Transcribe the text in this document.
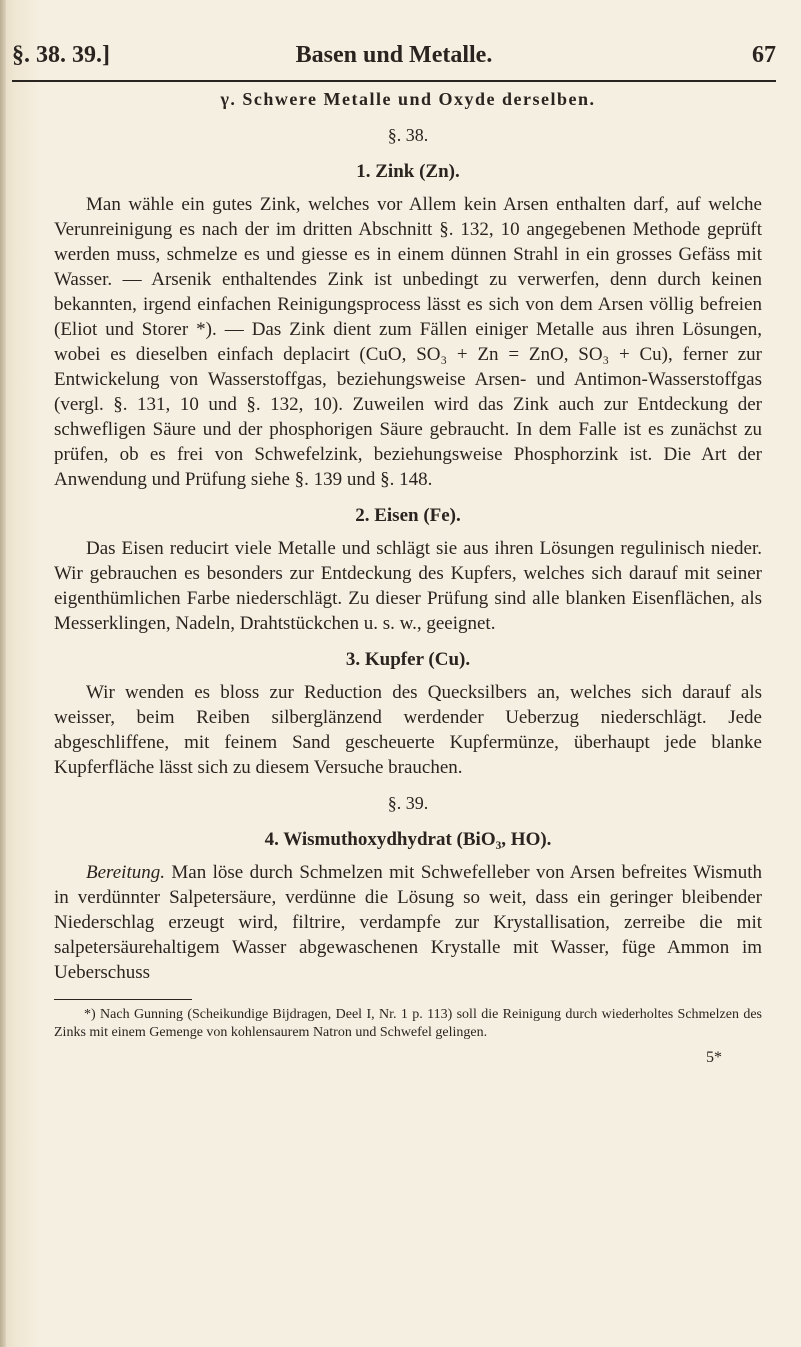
§. 38. 39.]	Basen und Metalle.	67
γ. Schwere Metalle und Oxyde derselben.
§. 38.
1. Zink (Zn).

Man wähle ein gutes Zink, welches vor Allem kein Arsen enthalten darf, auf welche Verunreinigung es nach der im dritten Abschnitt §. 132, 10 angegebenen Methode geprüft werden muss, schmelze es und giesse es in einem dünnen Strahl in ein grosses Gefäss mit Wasser. — Arsenik enthaltendes Zink ist unbedingt zu verwerfen, denn durch keinen bekannten, irgend einfachen Reinigungsprocess lässt es sich von dem Arsen völlig befreien (Eliot und Storer *). — Das Zink dient zum Fällen einiger Metalle aus ihren Lösungen, wobei es dieselben einfach deplacirt (CuO, SO₃ + Zn = ZnO, SO₃ + Cu), ferner zur Entwickelung von Wasserstoffgas, beziehungsweise Arsen- und Antimon-Wasserstoffgas (vergl. §. 131, 10 und §. 132, 10). Zuweilen wird das Zink auch zur Entdeckung der schwefligen Säure und der phosphorigen Säure gebraucht. In dem Falle ist es zunächst zu prüfen, ob es frei von Schwefelzink, beziehungsweise Phosphorzink ist. Die Art der Anwendung und Prüfung siehe §. 139 und §. 148.

2. Eisen (Fe).

Das Eisen reducirt viele Metalle und schlägt sie aus ihren Lösungen regulinisch nieder. Wir gebrauchen es besonders zur Entdeckung des Kupfers, welches sich darauf mit seiner eigenthümlichen Farbe niederschlägt. Zu dieser Prüfung sind alle blanken Eisenflächen, als Messerklingen, Nadeln, Drahtstückchen u. s. w., geeignet.

3. Kupfer (Cu).

Wir wenden es bloss zur Reduction des Quecksilbers an, welches sich darauf als weisser, beim Reiben silberglänzend werdender Ueberzug niederschlägt. Jede abgeschliffene, mit feinem Sand gescheuerte Kupfermünze, überhaupt jede blanke Kupferfläche lässt sich zu diesem Versuche brauchen.

§. 39.
4. Wismuthoxydhydrat (BiO₃, HO).

Bereitung. Man löse durch Schmelzen mit Schwefelleber von Arsen befreites Wismuth in verdünnter Salpetersäure, verdünne die Lösung so weit, dass ein geringer bleibender Niederschlag erzeugt wird, filtrire, verdampfe zur Krystallisation, zerreibe die mit salpetersäurehaltigem Wasser abgewaschenen Krystalle mit Wasser, füge Ammon im Ueberschuss

*) Nach Gunning (Scheikundige Bijdragen, Deel I, Nr. 1 p. 113) soll die Reinigung durch wiederholtes Schmelzen des Zinks mit einem Gemenge von kohlensaurem Natron und Schwefel gelingen.

5*
